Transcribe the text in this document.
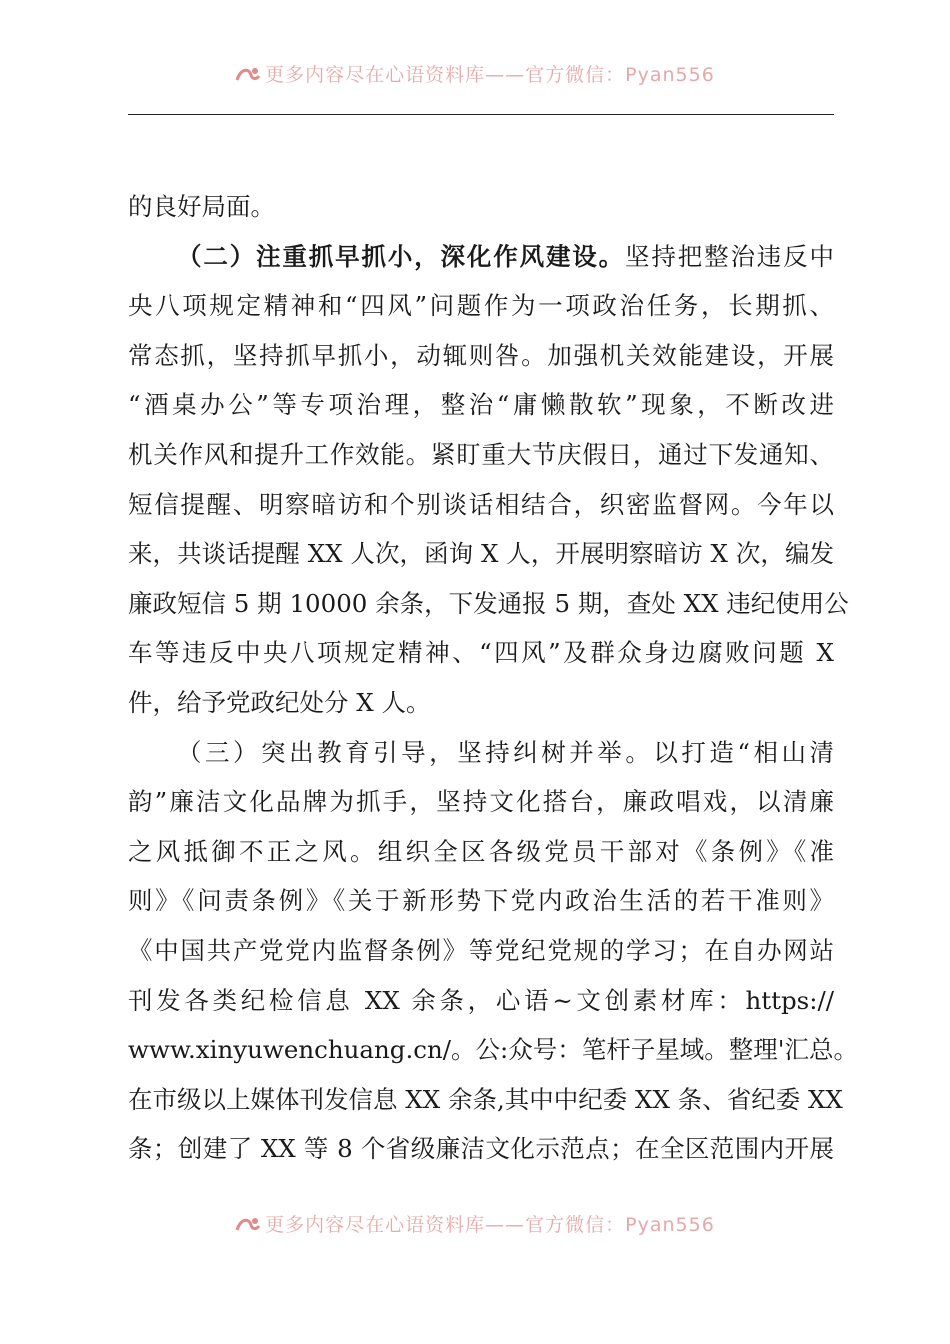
更多内容尽在心语资料库——官方微信：Pyan556
的良好局面。
（二）注重抓早抓小，深化作风建设。坚持把整治违反中
央八项规定精神和“四风”问题作为一项政治任务，长期抓、
常态抓，坚持抓早抓小，动辄则咎。加强机关效能建设，开展
“酒桌办公”等专项治理，整治“庸懒散软”现象，不断改进
机关作风和提升工作效能。紧盯重大节庆假日，通过下发通知、
短信提醒、明察暗访和个别谈话相结合，织密监督网。今年以
来，共谈话提醒 XX 人次，函询 X 人，开展明察暗访 X 次，编发
廉政短信 5 期 10000 余条，下发通报 5 期，查处 XX 违纪使用公
车等违反中央八项规定精神、“四风”及群众身边腐败问题 X
件，给予党政纪处分 X 人。
（三）突出教育引导，坚持纠树并举。以打造“相山清
韵”廉洁文化品牌为抓手，坚持文化搭台，廉政唱戏，以清廉
之风抵御不正之风。组织全区各级党员干部对《条例》《准
则》《问责条例》《关于新形势下党内政治生活的若干准则》
《中国共产党党内监督条例》等党纪党规的学习；在自办网站
刊发各类纪检信息 XX 余条，心语~文创素材库：https://
www.xinyuwenchuang.cn/。公:众号：笔杆子星域。整理'汇总。
在市级以上媒体刊发信息 XX 余条,其中中纪委 XX 条、省纪委 XX
条；创建了 XX 等 8 个省级廉洁文化示范点；在全区范围内开展
更多内容尽在心语资料库——官方微信：Pyan556
